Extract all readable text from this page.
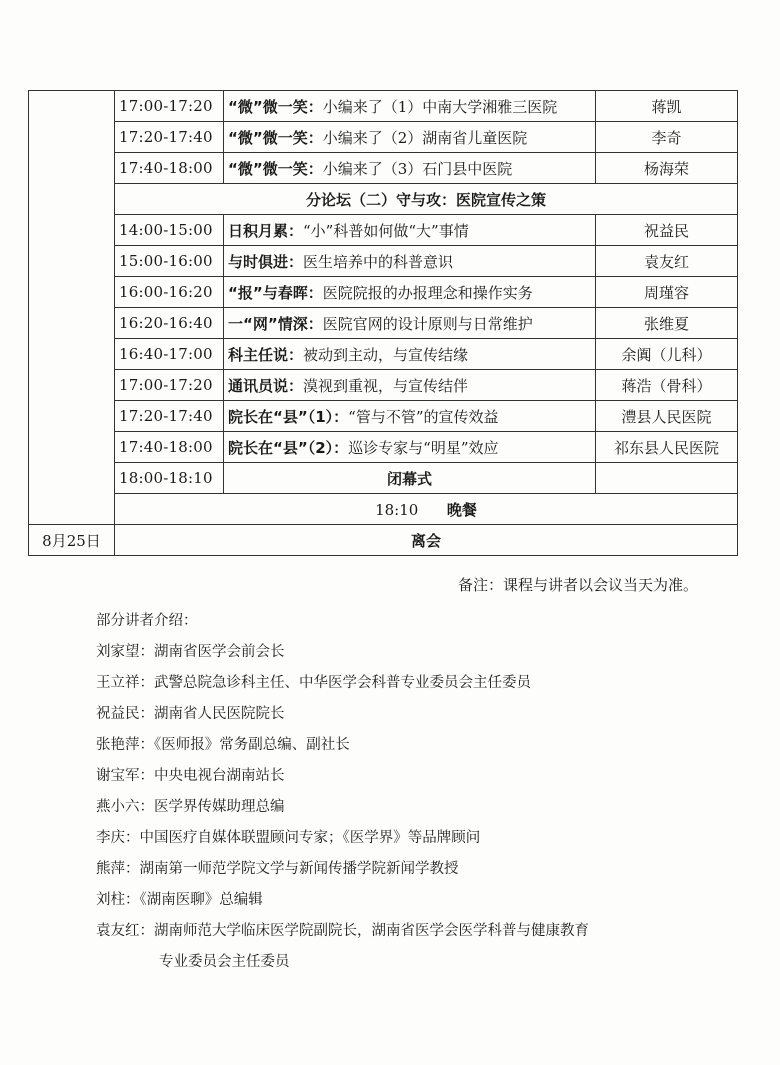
	17:00-17:20	“微”微一笑：小编来了（1）中南大学湘雅三医院	蒋凯
	17:20-17:40	“微”微一笑：小编来了（2）湖南省儿童医院	李奇
	17:40-18:00	“微”微一笑：小编来了（3）石门县中医院	杨海荣
	分论坛（二）守与攻：医院宣传之策		
	14:00-15:00	日积月累：“小”科普如何做“大”事情	祝益民
	15:00-16:00	与时俱进：医生培养中的科普意识	袁友红
	16:00-16:20	“报”与春晖：医院院报的办报理念和操作实务	周瑾容
	16:20-16:40	一“网”情深：医院官网的设计原则与日常维护	张维夏
	16:40-17:00	科主任说：被动到主动，与宣传结缘	余阗（儿科）
	17:00-17:20	通讯员说：漠视到重视，与宣传结伴	蒋浩（骨科）
	17:20-17:40	院长在“县”（1）：“管与不管”的宣传效益	澧县人民医院
	17:40-18:00	院长在“县”（2）：巡诊专家与“明星”效应	祁东县人民医院
	18:00-18:10	闭幕式	
	18:10 晚餐		
8月25日	离会		
备注：课程与讲者以会议当天为准。
部分讲者介绍：
刘家望：湖南省医学会前会长
王立祥：武警总院急诊科主任、中华医学会科普专业委员会主任委员
祝益民：湖南省人民医院院长
张艳萍：《医师报》常务副总编、副社长
谢宝军：中央电视台湖南站长
燕小六：医学界传媒助理总编
李庆：中国医疗自媒体联盟顾问专家；《医学界》等品牌顾问
熊萍：湖南第一师范学院文学与新闻传播学院新闻学教授
刘柱：《湖南医聊》总编辑
袁友红：湖南师范大学临床医学院副院长，湖南省医学会医学科普与健康教育
专业委员会主任委员
